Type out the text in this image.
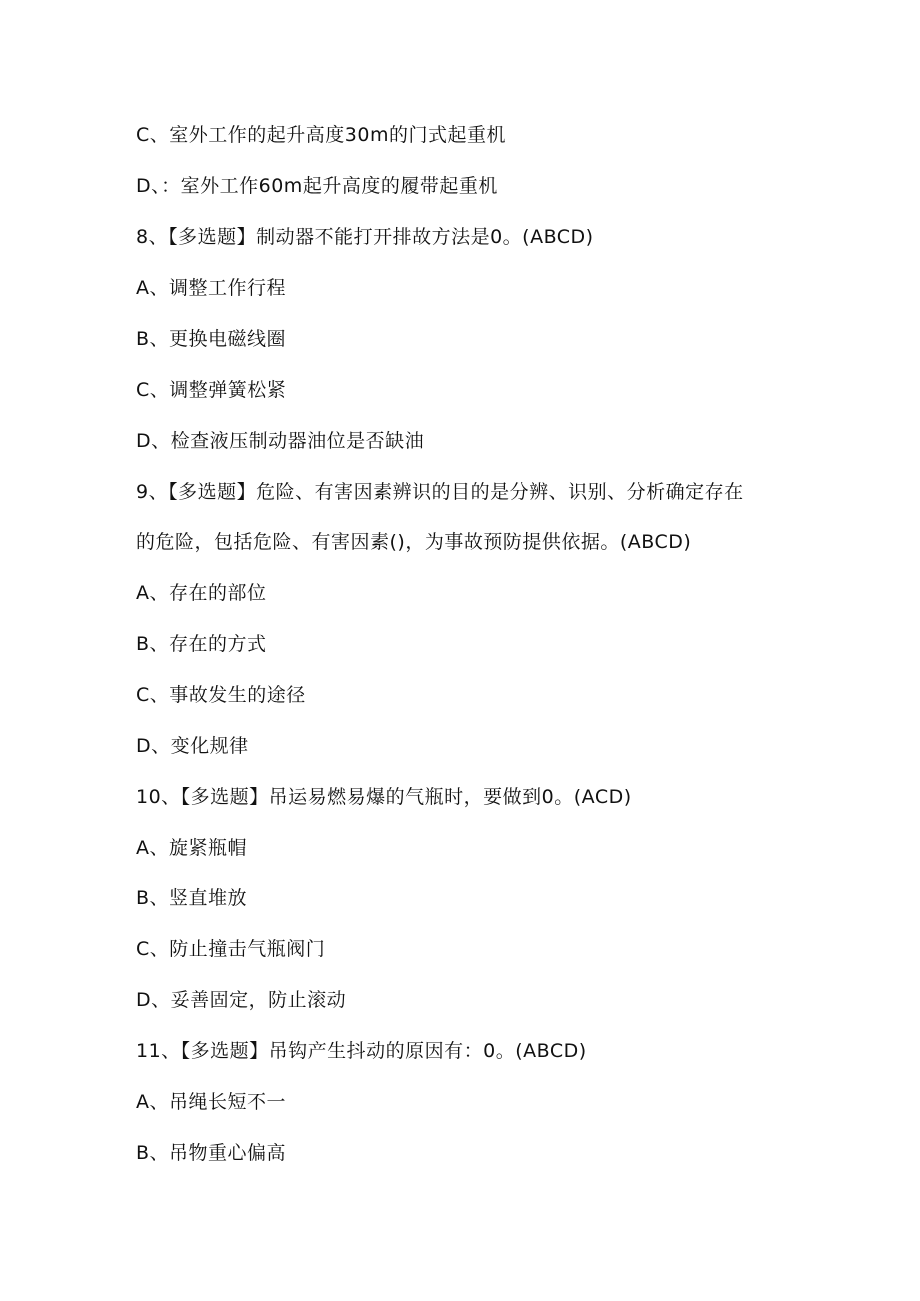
C、室外工作的起升高度30m的门式起重机
D、：室外工作60m起升高度的履带起重机
8、【多选题】制动器不能打开排故方法是0。(ABCD)
A、调整工作行程
B、更换电磁线圈
C、调整弹簧松紧
D、检查液压制动器油位是否缺油
9、【多选题】危险、有害因素辨识的目的是分辨、识别、分析确定存在
的危险，包括危险、有害因素()，为事故预防提供依据。(ABCD)
A、存在的部位
B、存在的方式
C、事故发生的途径
D、变化规律
10、【多选题】吊运易燃易爆的气瓶时，要做到0。(ACD)
A、旋紧瓶帽
B、竖直堆放
C、防止撞击气瓶阀门
D、妥善固定，防止滚动
11、【多选题】吊钩产生抖动的原因有：0。(ABCD)
A、吊绳长短不一
B、吊物重心偏高
